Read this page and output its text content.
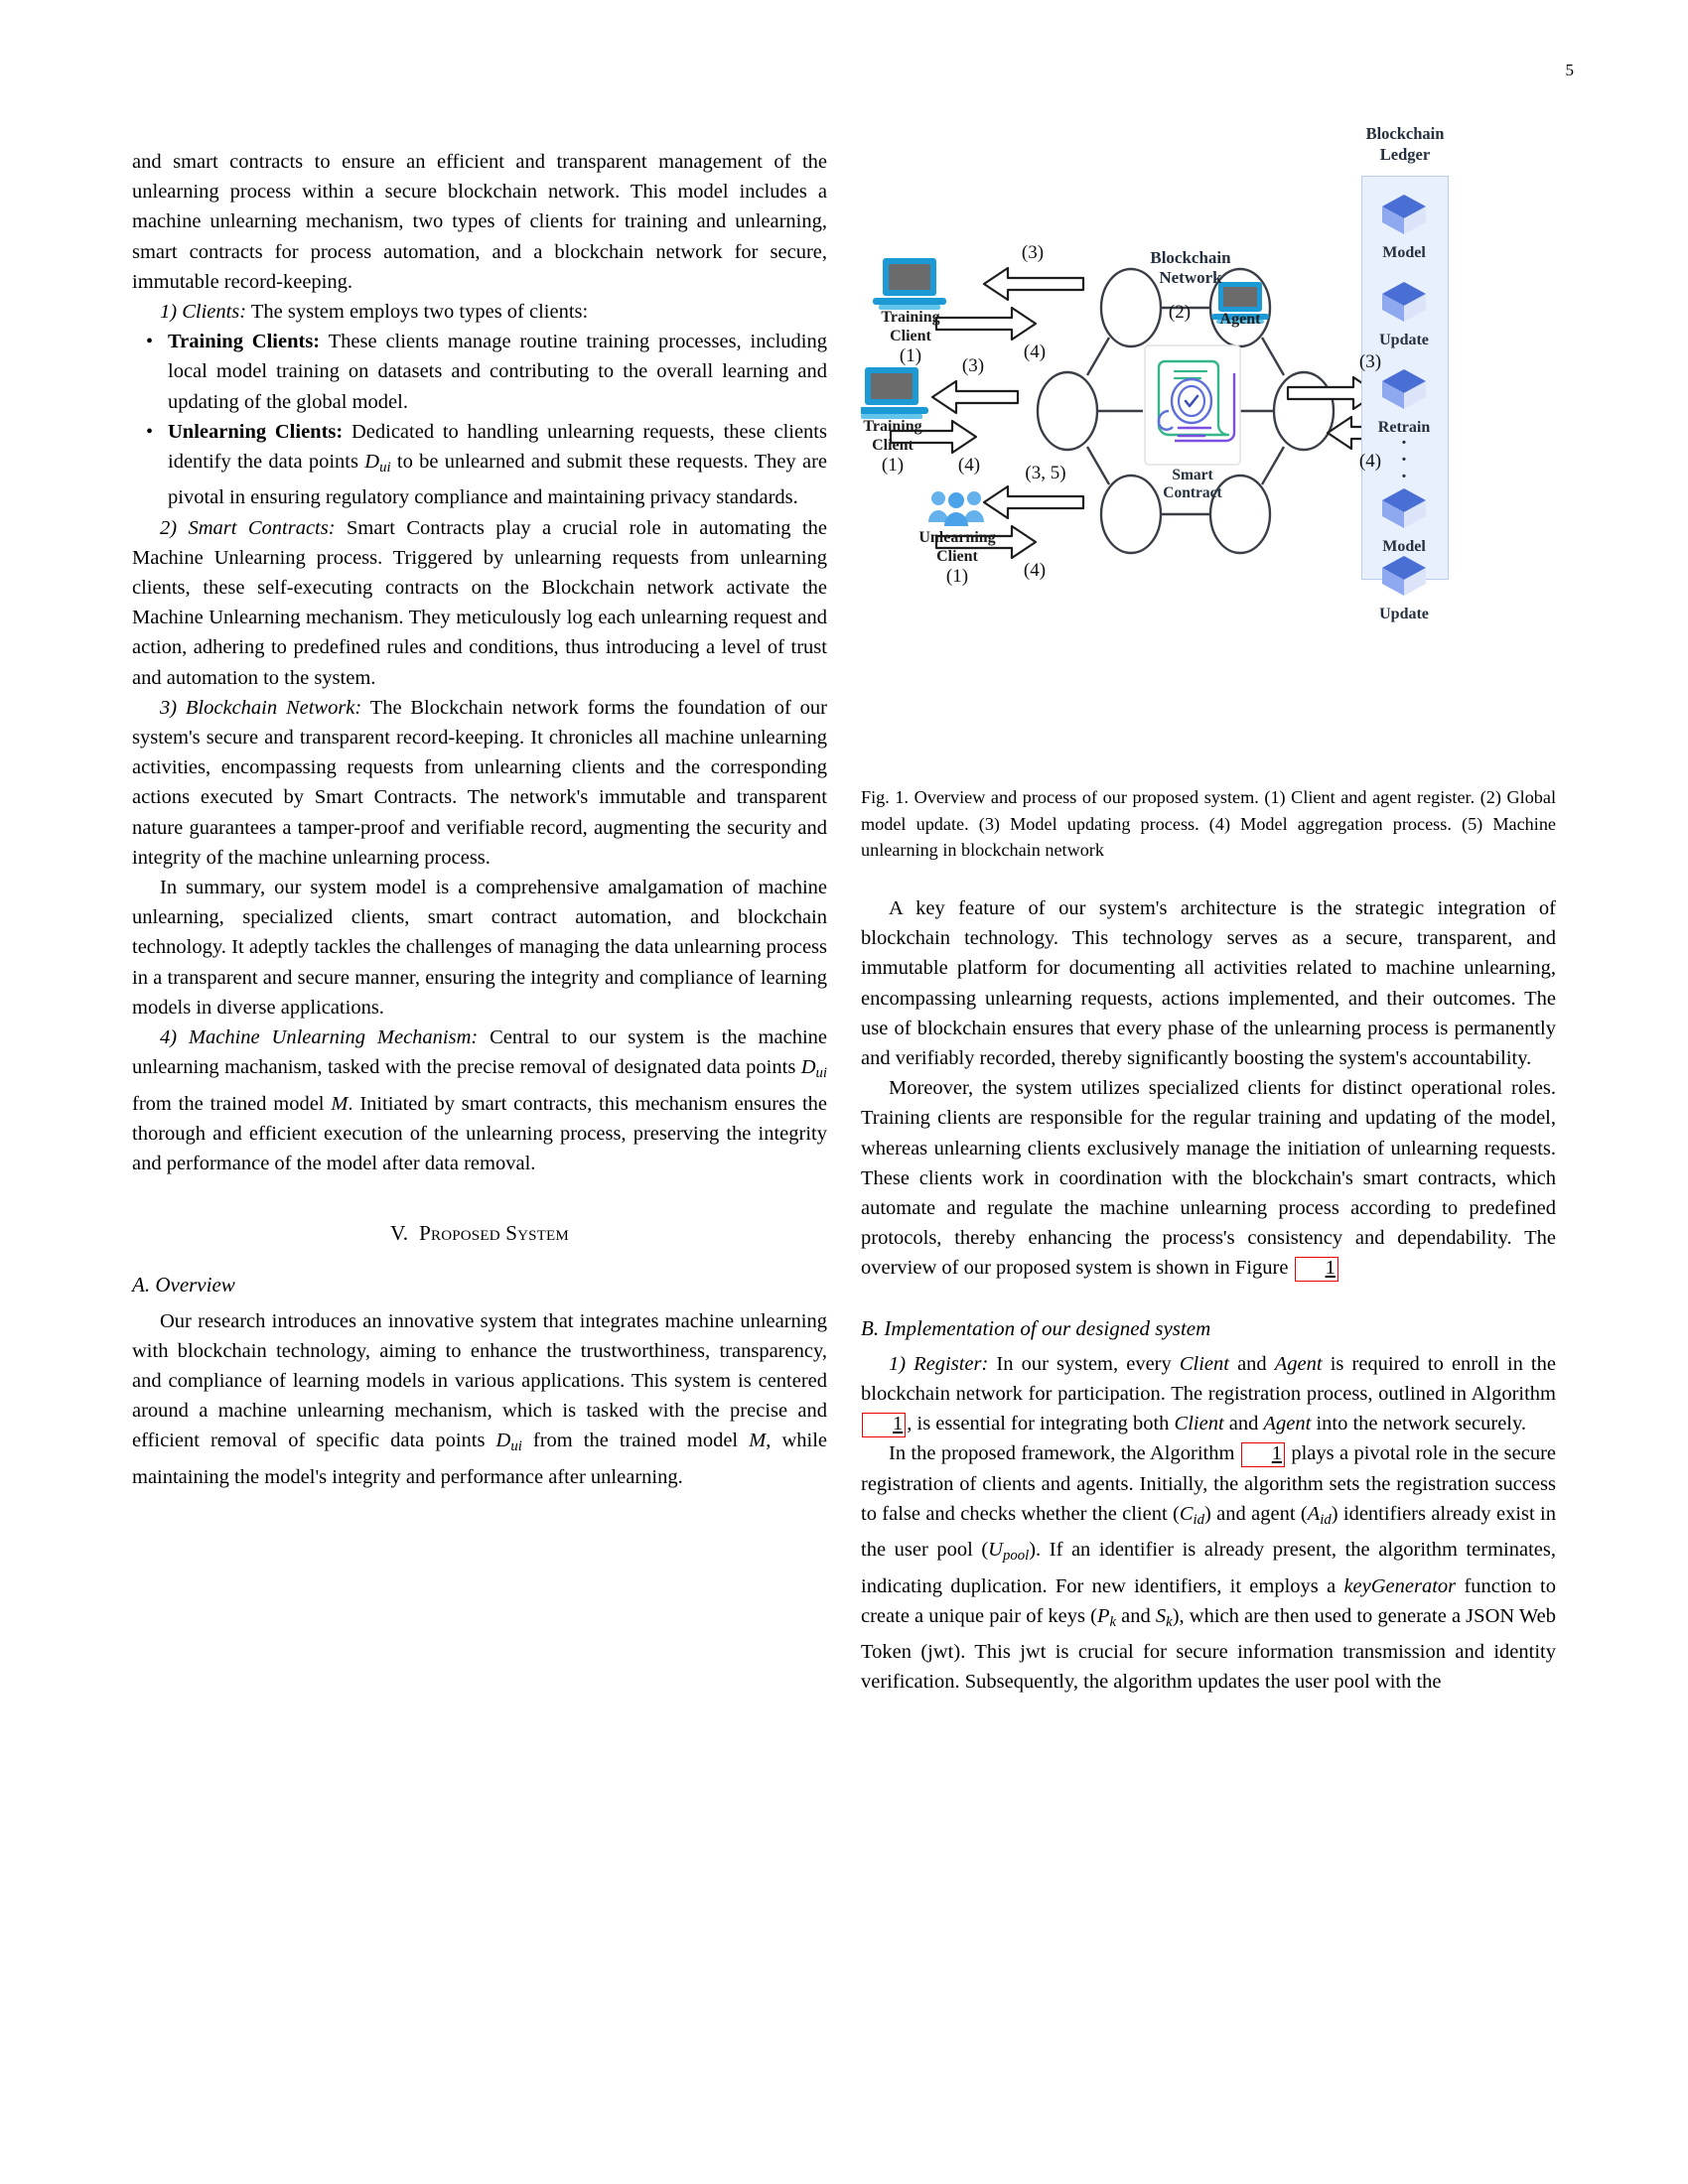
5

and smart contracts to ensure an efficient and transparent management of the unlearning process within a secure blockchain network. This model includes a machine unlearning mechanism, two types of clients for training and unlearning, smart contracts for process automation, and a blockchain network for secure, immutable record-keeping.

1) Clients: The system employs two types of clients:

• Training Clients: These clients manage routine training processes, including local model training on datasets and contributing to the overall learning and updating of the global model.
• Unlearning Clients: Dedicated to handling unlearning requests, these clients identify the data points $D_{ui}$ to be unlearned and submit these requests. They are pivotal in ensuring regulatory compliance and maintaining privacy standards.

2) Smart Contracts: Smart Contracts play a crucial role in automating the Machine Unlearning process. Triggered by unlearning requests from unlearning clients, these self-executing contracts on the Blockchain network activate the Machine Unlearning mechanism. They meticulously log each unlearning request and action, adhering to predefined rules and conditions, thus introducing a level of trust and automation to the system.

3) Blockchain Network: The Blockchain network forms the foundation of our system's secure and transparent record-keeping. It chronicles all machine unlearning activities, encompassing requests from unlearning clients and the corresponding actions executed by Smart Contracts. The network's immutable and transparent nature guarantees a tamper-proof and verifiable record, augmenting the security and integrity of the machine unlearning process.

In summary, our system model is a comprehensive amalgamation of machine unlearning, specialized clients, smart contract automation, and blockchain technology. It adeptly tackles the challenges of managing the data unlearning process in a transparent and secure manner, ensuring the integrity and compliance of learning models in diverse applications.

4) Machine Unlearning Mechanism: Central to our system is the machine unlearning machanism, tasked with the precise removal of designated data points $D_{ui}$ from the trained model M. Initiated by smart contracts, this mechanism ensures the thorough and efficient execution of the unlearning process, preserving the integrity and performance of the model after data removal.

V. Proposed System
A. Overview

Our research introduces an innovative system that integrates machine unlearning with blockchain technology, aiming to enhance the trustworthiness, transparency, and compliance of learning models in various applications. This system is centered around a machine unlearning mechanism, which is tasked with the precise and efficient removal of specific data points $D_{ui}$ from the trained model M, while maintaining the model's integrity and performance after unlearning.

Blockchain
Ledger
Model
Update
Retrain
·
·
·
Model
Update
Blockchain
Network
Smart Contract
Agent
Training
Client
(1)
Training
Client
(1)
Unlearning
Client
(1)
(3)
(4)
(3)
(4)	(3, 5)
(4)
(2)
(3)
(4)
Fig. 1. Overview and process of our proposed system. (1) Client and agent register. (2) Global model update. (3) Model updating process. (4) Model aggregation process. (5) Machine unlearning in blockchain network

A key feature of our system's architecture is the strategic integration of blockchain technology. This technology serves as a secure, transparent, and immutable platform for documenting all activities related to machine unlearning, encompassing unlearning requests, actions implemented, and their outcomes. The use of blockchain ensures that every phase of the unlearning process is permanently and verifiably recorded, thereby significantly boosting the system's accountability.

Moreover, the system utilizes specialized clients for distinct operational roles. Training clients are responsible for the regular training and updating of the model, whereas unlearning clients exclusively manage the initiation of unlearning requests. These clients work in coordination with the blockchain's smart contracts, which automate and regulate the machine unlearning process according to predefined protocols, thereby enhancing the process's consistency and dependability. The overview of our proposed system is shown in Figure 1

B. Implementation of our designed system

1) Register: In our system, every Client and Agent is required to enroll in the blockchain network for participation. The registration process, outlined in Algorithm 1 , is essential for integrating both Client and Agent into the network securely.

In the proposed framework, the Algorithm 1 plays a pivotal role in the secure registration of clients and agents. Initially, the algorithm sets the registration success to false and checks whether the client $(C_{id})$ and agent $(A_{id})$ identifiers already exist in the user pool $(U_{pool})$. If an identifier is already present, the algorithm terminates, indicating duplication. For new identifiers, it employs a keyGenerator function to create a unique pair of keys ($P_k$ and $S_k$), which are then used to generate a JSON Web Token (jwt). This jwt is crucial for secure information transmission and identity verification. Subsequently, the algorithm updates the user pool with the
